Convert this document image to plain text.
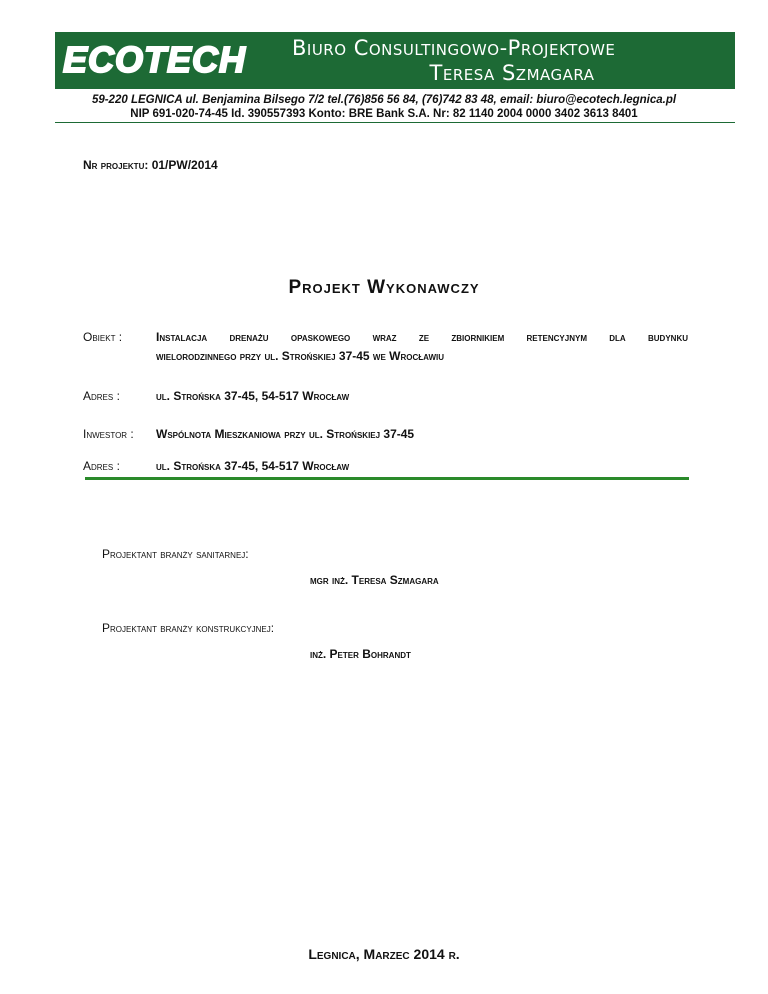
ECOTECH Biuro Consultingowo-Projektowe
Teresa Szmagara
59-220 LEGNICA ul. Benjamina Bilsego 7/2 tel.(76)856 56 84, (76)742 83 48, email: biuro@ecotech.legnica.pl
NIP 691-020-74-45 Id. 390557393 Konto: BRE Bank S.A. Nr: 82 1140 2004 0000 3402 3613 8401
Nr projektu: 01/PW/2014
Projekt Wykonawczy
Obiekt :	Instalacja drenażu opaskowego wraz ze zbiornikiem retencyjnym dla budynku
wielorodzinnego przy ul. Strońskiej 37-45 we Wrocławiu
Adres :	ul. Strońska 37-45, 54-517 Wrocław
Inwestor : Wspólnota Mieszkaniowa przy ul. Strońskiej 37-45
Adres :	ul. Strońska 37-45, 54-517 Wrocław
Projektant branży sanitarnej:
mgr inż. Teresa Szmagara
Projektant branży konstrukcyjnej:
inż. Peter Bohrandt
Legnica, Marzec 2014 r.
